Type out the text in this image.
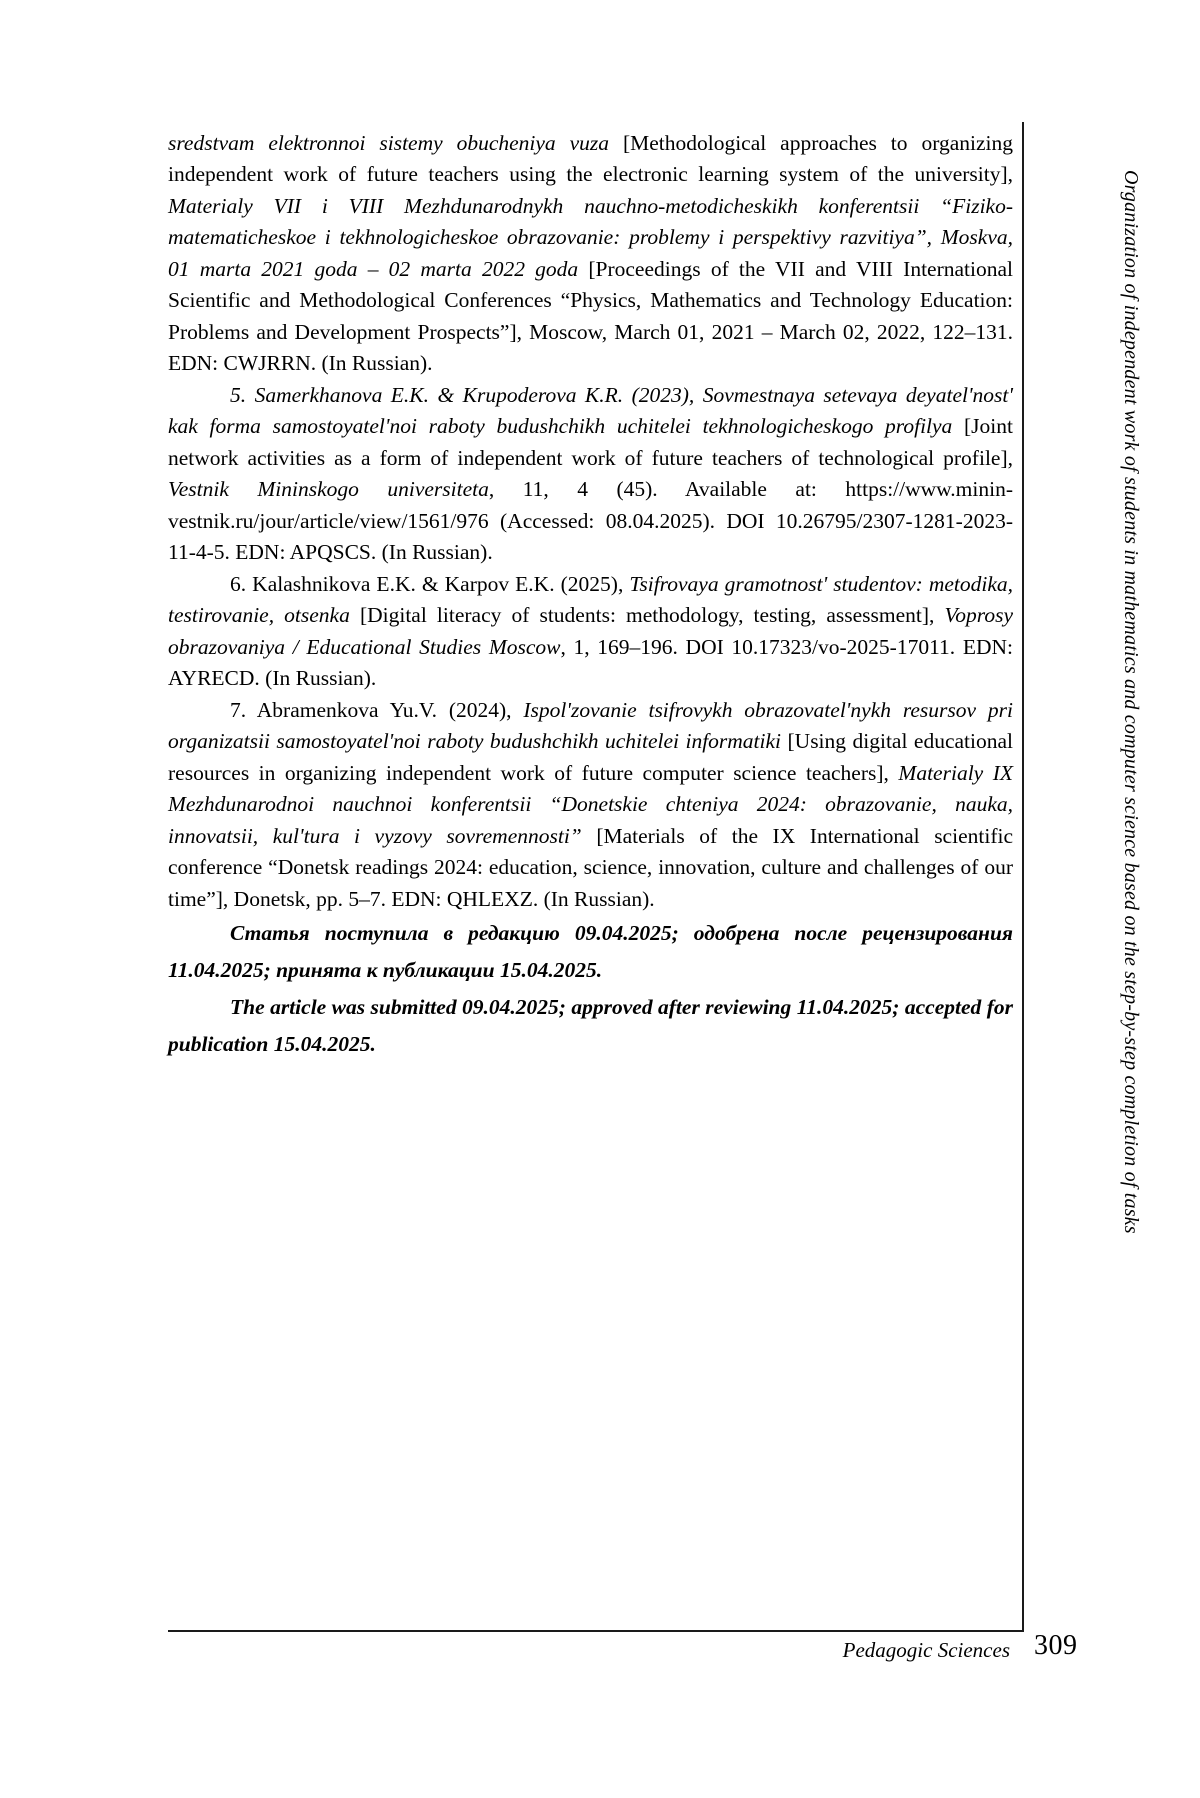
sredstvam elektronnoi sistemy obucheniya vuza [Methodological approaches to organizing independent work of future teachers using the electronic learning system of the university], Materialy VII i VIII Mezhdunarodnykh nauchno-metodicheskikh konferentsii “Fiziko-matematicheskoe i tekhnologicheskoe obrazovanie: problemy i perspektivy razvitiya”, Moskva, 01 marta 2021 goda – 02 marta 2022 goda [Proceedings of the VII and VIII International Scientific and Methodological Conferences “Physics, Mathematics and Technology Education: Problems and Development Prospects”], Moscow, March 01, 2021 – March 02, 2022, 122–131. EDN: CWJRRN. (In Russian).

5. Samerkhanova E.K. & Krupoderova K.R. (2023), Sovmestnaya setevaya deyatel'nost' kak forma samostoyatel'noi raboty budushchikh uchitelei tekhnologicheskogo profilya [Joint network activities as a form of independent work of future teachers of technological profile], Vestnik Mininskogo universiteta, 11, 4 (45). Available at: https://www.minin-vestnik.ru/jour/article/view/1561/976 (Accessed: 08.04.2025). DOI 10.26795/2307-1281-2023-11-4-5. EDN: APQSCS. (In Russian).

6. Kalashnikova E.K. & Karpov E.K. (2025), Tsifrovaya gramotnost' studentov: metodika, testirovanie, otsenka [Digital literacy of students: methodology, testing, assessment], Voprosy obrazovaniya / Educational Studies Moscow, 1, 169–196. DOI 10.17323/vo-2025-17011. EDN: AYRECD. (In Russian).

7. Abramenkova Yu.V. (2024), Ispol'zovanie tsifrovykh obrazovatel'nykh resursov pri organizatsii samostoyatel'noi raboty budushchikh uchitelei informatiki [Using digital educational resources in organizing independent work of future computer science teachers], Materialy IX Mezhdunarodnoi nauchnoi konferentsii “Donetskie chteniya 2024: obrazovanie, nauka, innovatsii, kul'tura i vyzovy sovremennosti” [Materials of the IX International scientific conference “Donetsk readings 2024: education, science, innovation, culture and challenges of our time”], Donetsk, pp. 5–7. EDN: QHLEXZ. (In Russian).

Статья поступила в редакцию 09.04.2025; одобрена после рецензирования 11.04.2025; принята к публикации 15.04.2025.

The article was submitted 09.04.2025; approved after reviewing 11.04.2025; accepted for publication 15.04.2025.	Organization of independent work of students in mathematics and computer science based on the step-by-step completion of tasks
Pedagogic Sciences 309
